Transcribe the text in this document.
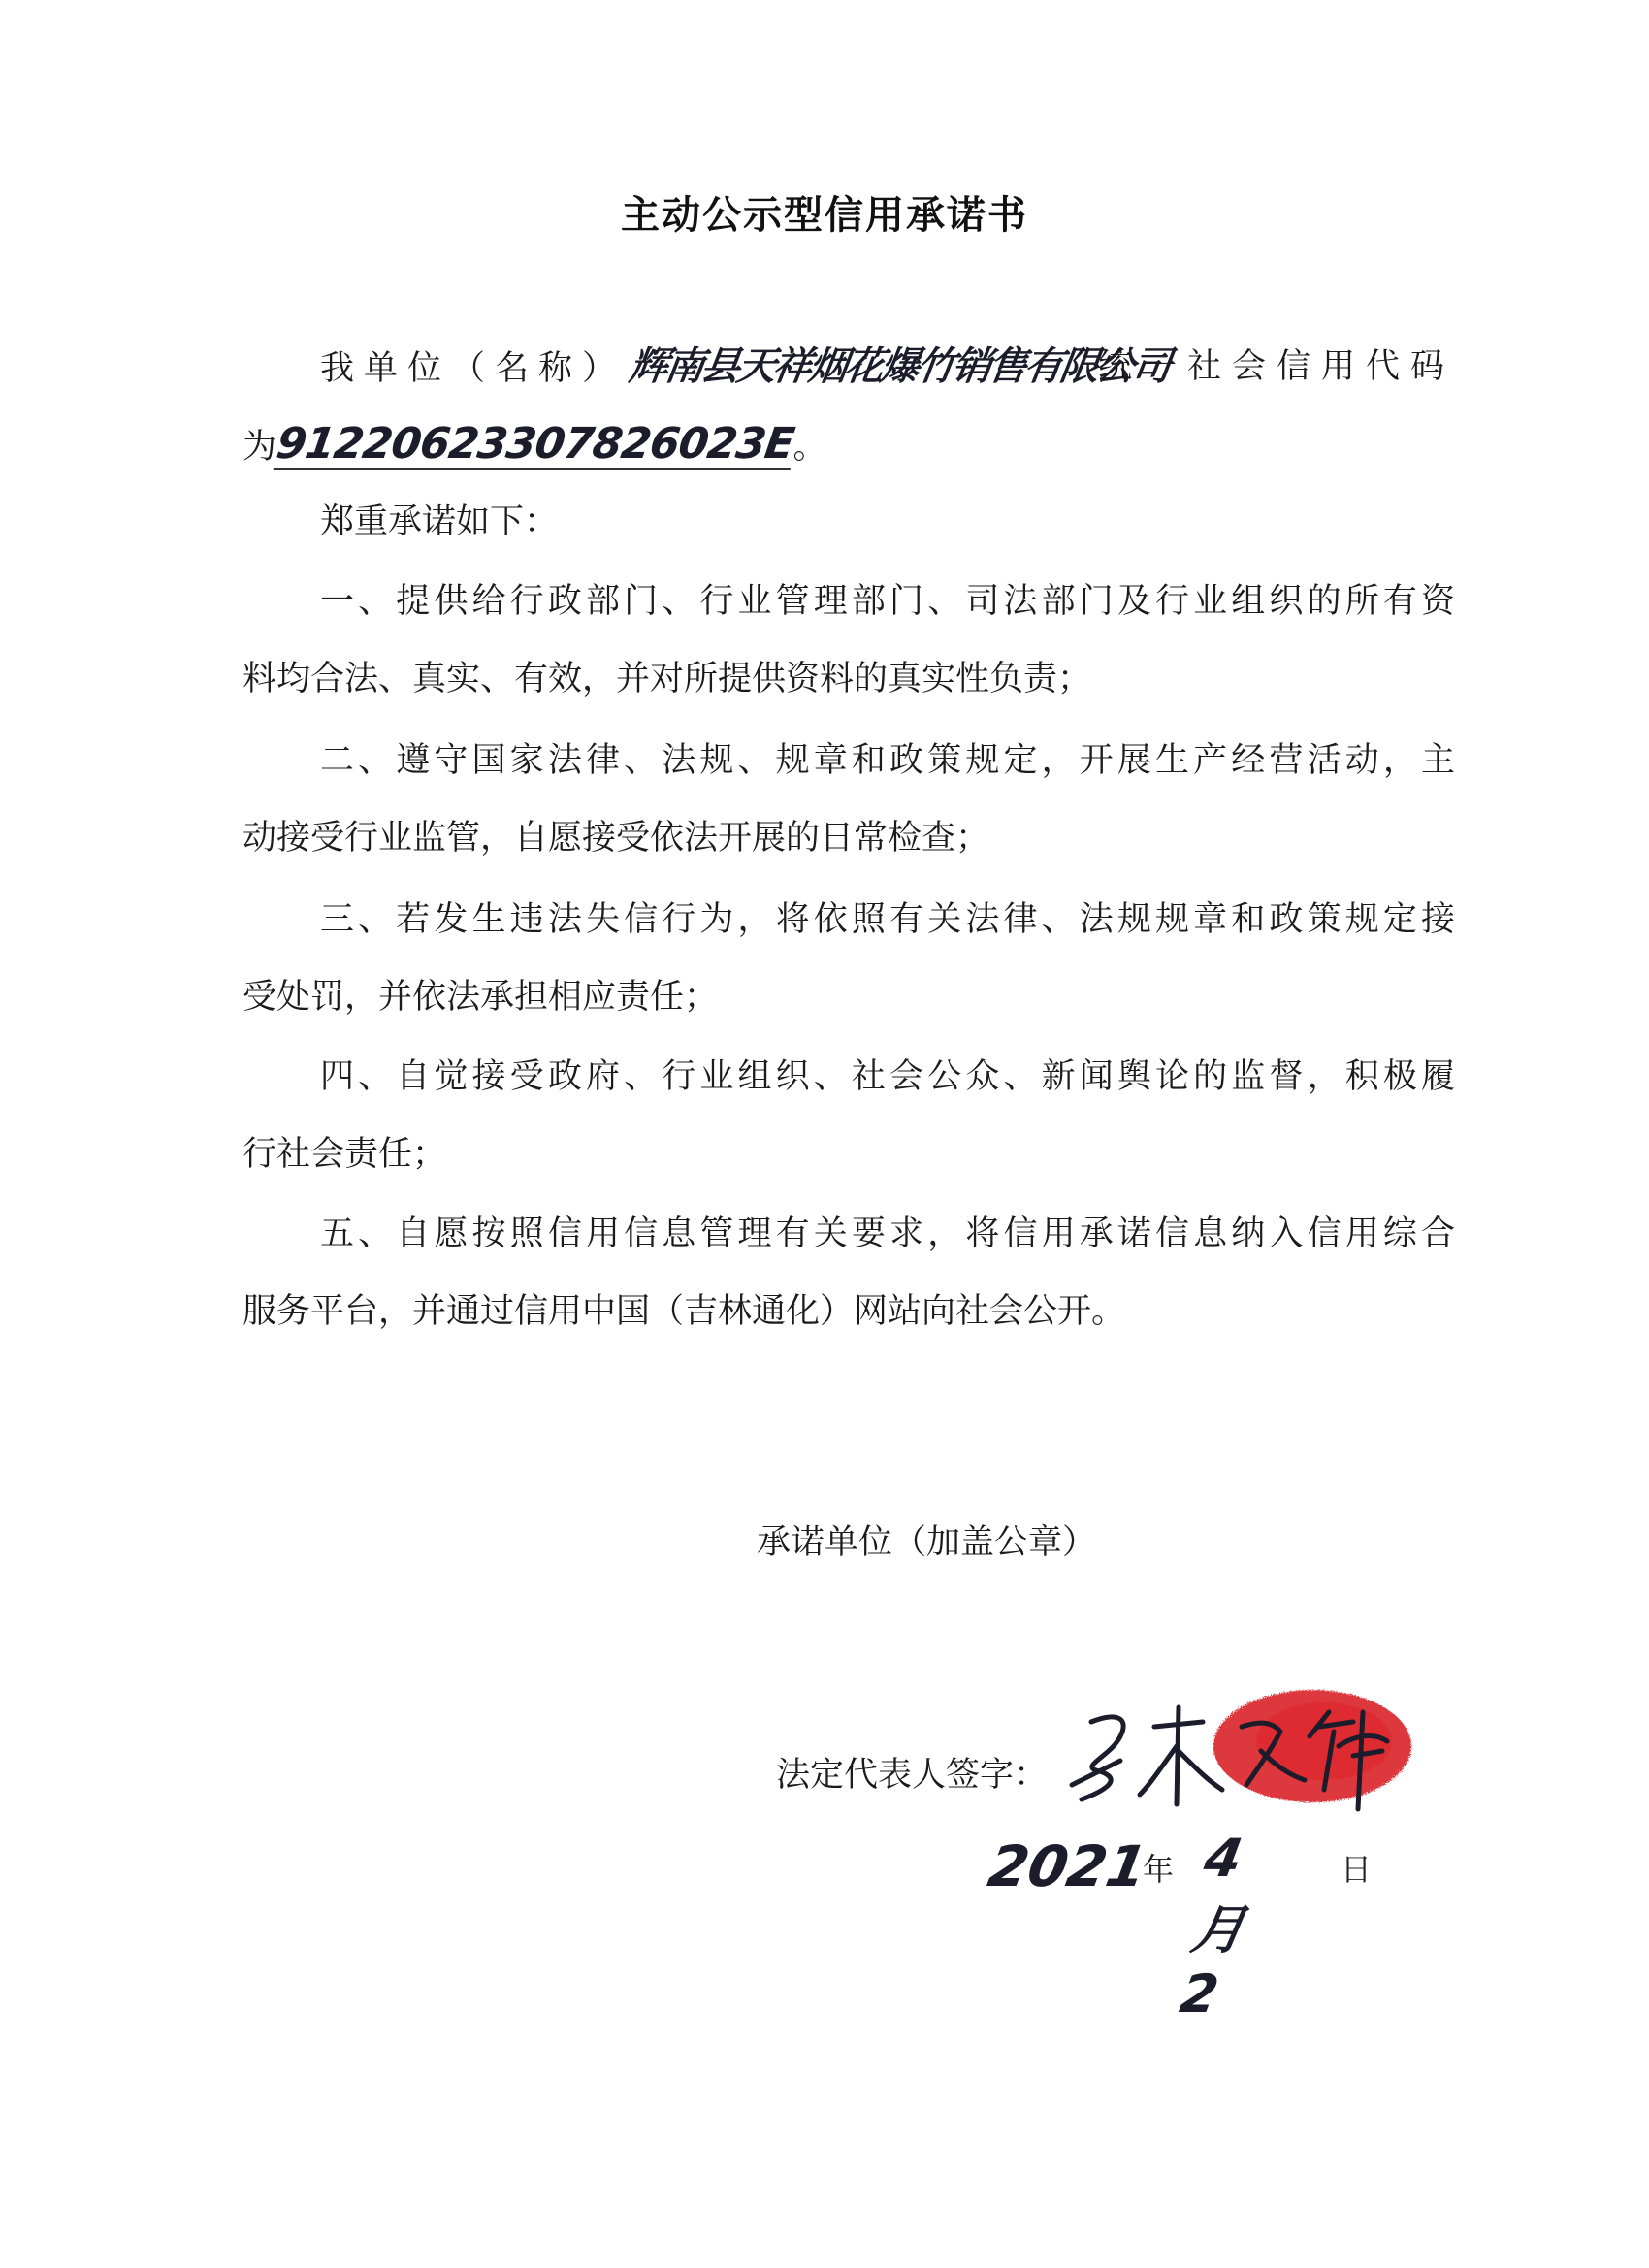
主动公示型信用承诺书
我单位（名称）辉南县天祥烟花爆竹销售有限公司
统一社会信用代码
为91220623307826023E。
郑重承诺如下：
一、提供给行政部门、行业管理部门、司法部门及行业组织的所有资
料均合法、真实、有效，并对所提供资料的真实性负责；
二、遵守国家法律、法规、规章和政策规定，开展生产经营活动，主
动接受行业监管，自愿接受依法开展的日常检查；
三、若发生违法失信行为，将依照有关法律、法规规章和政策规定接
受处罚，并依法承担相应责任；
四、自觉接受政府、行业组织、社会公众、新闻舆论的监督，积极履
行社会责任；
五、自愿按照信用信息管理有关要求，将信用承诺信息纳入信用综合
服务平台，并通过信用中国（吉林通化）网站向社会公开。
承诺单位（加盖公章）
法定代表人签字：
2021
年 4月2
日
